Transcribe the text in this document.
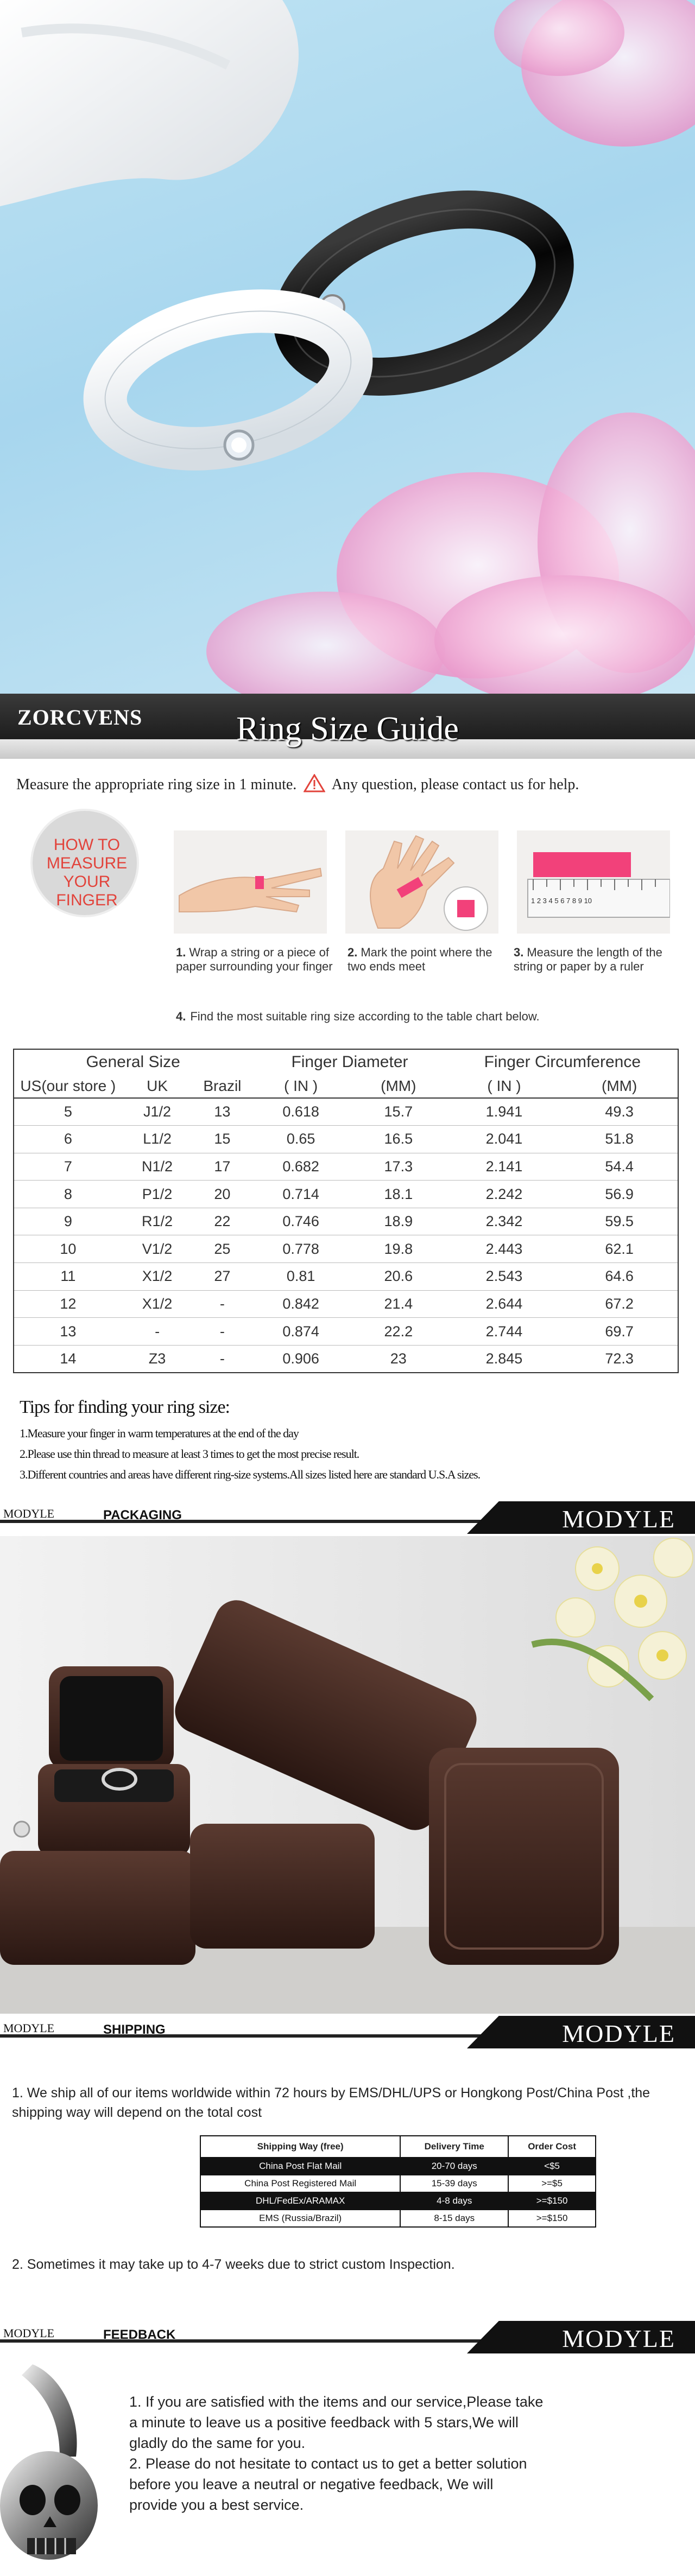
ZORCVENS	Ring Size Guide
Measure the appropriate ring size in 1 minute. Any question, please contact us for help.
HOW TO
MEASURE
YOUR
FINGER	1 2 3 4 5 6 7 8 9 10
1. Wrap a string or a piece of paper surrounding your finger
2. Mark the point where the two ends meet
3. Measure the length of the string or paper by a ruler
4. Find the most suitable ring size according to the table chart below.
General Size			Finger Diameter		Finger Circumference	
US(our store )	UK	Brazil	( IN )	(MM)	( IN )	(MM)
5	J1/2	13	0.618	15.7	1.941	49.3
6	L1/2	15	0.65	16.5	2.041	51.8
7	N1/2	17	0.682	17.3	2.141	54.4
8	P1/2	20	0.714	18.1	2.242	56.9
9	R1/2	22	0.746	18.9	2.342	59.5
10	V1/2	25	0.778	19.8	2.443	62.1
11	X1/2	27	0.81	20.6	2.543	64.6
12	X1/2	-	0.842	21.4	2.644	67.2
13	-	-	0.874	22.2	2.744	69.7
14	Z3	-	0.906	23	2.845	72.3
Tips for finding your ring size:
1.Measure your finger in warm temperatures at the end of the day
2.Please use thin thread to measure at least 3 times to get the most precise result.
3.Different countries and areas have different ring-size systems.All sizes listed here are standard U.S.A sizes.
MODYLE	PACKAGING	MODYLE
MODYLE	SHIPPING	MODYLE
1. We ship all of our items worldwide within 72 hours by EMS/DHL/UPS or Hongkong Post/China Post ,the shipping way will depend on the total cost
Shipping Way (free)	Delivery Time	Order Cost
China Post Flat Mail	20-70 days	<$5
China Post Registered Mail	15-39 days	>=$5
DHL/FedEx/ARAMAX	4-8 days	>=$150
EMS (Russia/Brazil)	8-15 days	>=$150
2. Sometimes it may take up to 4-7 weeks due to strict custom Inspection.
MODYLE	FEEDBACK	MODYLE
1. If you are satisfied with the items and our service,Please take
a minute to leave us a positive feedback with 5 stars,We will
gladly do the same for you.
2. Please do not hesitate to contact us to get a better solution
before you leave a neutral or negative feedback, We will
provide you a best service.
